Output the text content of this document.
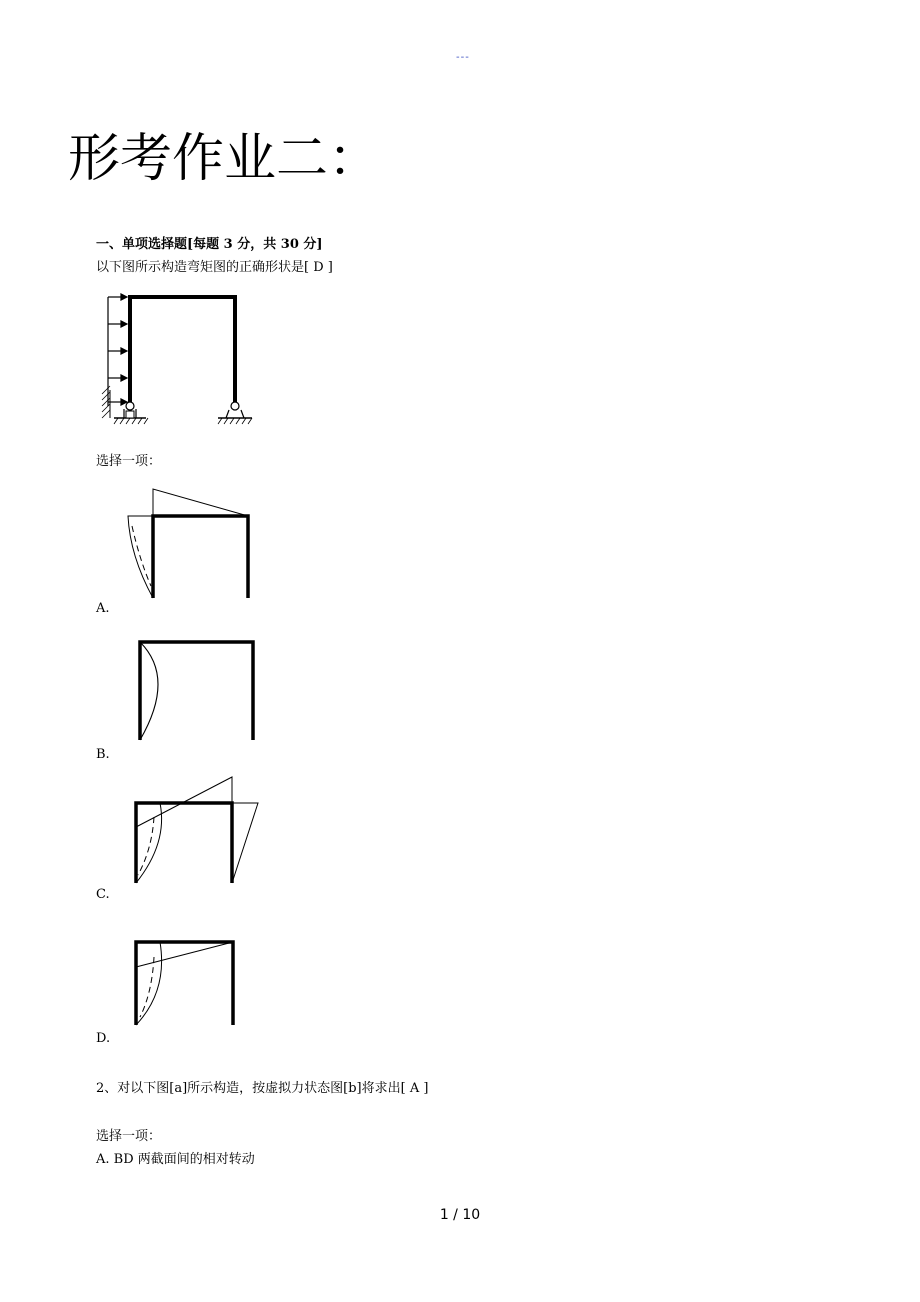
---
形考作业二：

一、单项选择题[每题 3 分，共 30 分]

以下图所示构造弯矩图的正确形状是[ D ]

选择一项：

A.

B.

C.

D.

2、对以下图[a]所示构造，按虚拟力状态图[b]将求出[ A ]

选择一项：

A. BD 两截面间的相对转动

1 / 10
